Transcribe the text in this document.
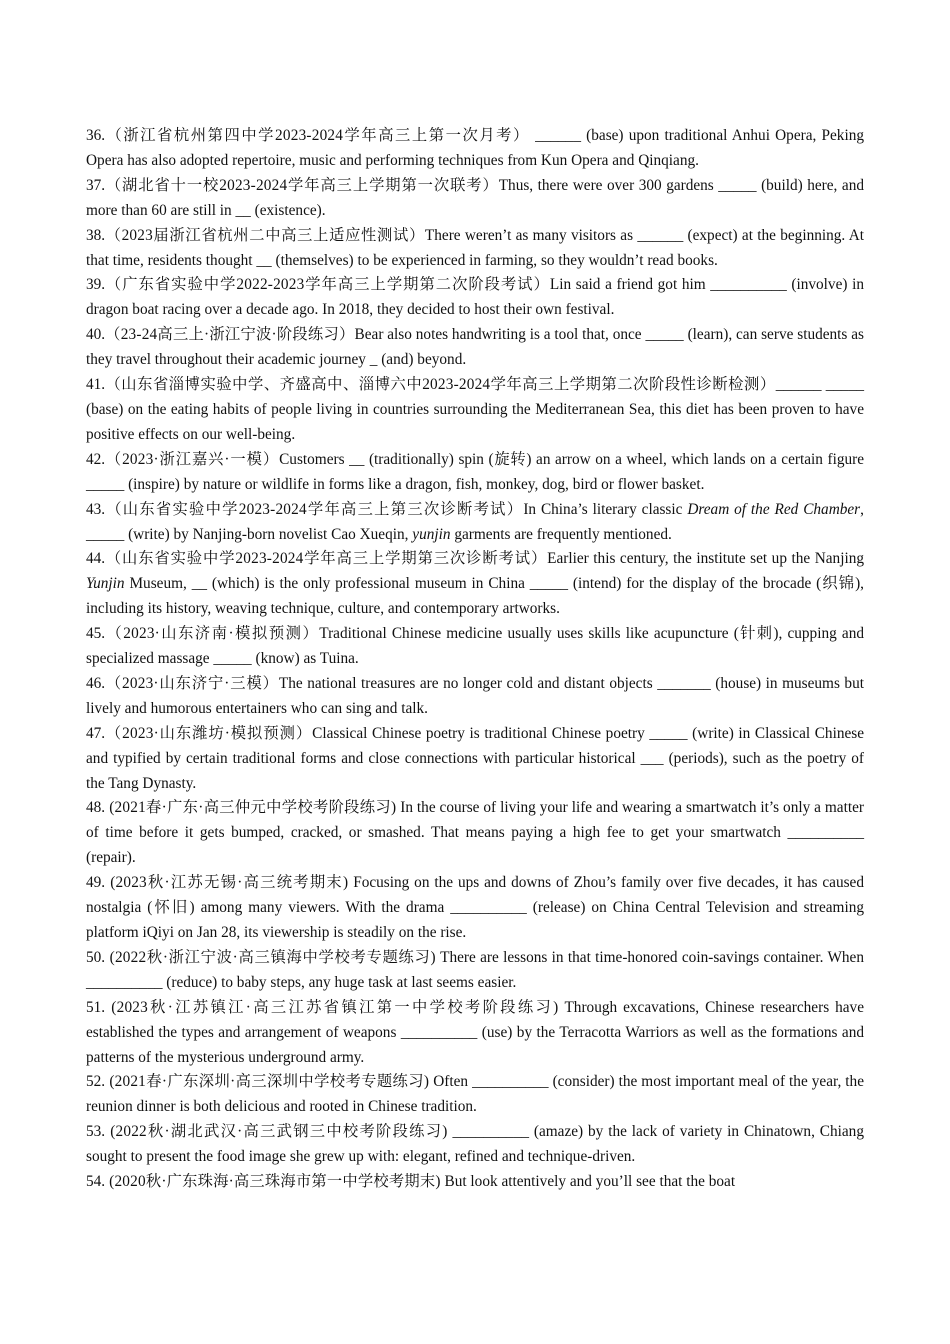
36.（浙江省杭州第四中学2023-2024学年高三上第一次月考） ______ (base) upon traditional Anhui Opera, Peking Opera has also adopted repertoire, music and performing techniques from Kun Opera and Qinqiang.

37.（湖北省十一校2023-2024学年高三上学期第一次联考）Thus, there were over 300 gardens _____ (build) here, and more than 60 are still in __ (existence).

38.（2023届浙江省杭州二中高三上适应性测试）There weren’t as many visitors as ______ (expect) at the beginning. At that time, residents thought __ (themselves) to be experienced in farming, so they wouldn’t read books.

39.（广东省实验中学2022-2023学年高三上学期第二次阶段考试）Lin said a friend got him __________ (involve) in dragon boat racing over a decade ago. In 2018, they decided to host their own festival.

40.（23-24高三上·浙江宁波·阶段练习）Bear also notes handwriting is a tool that, once _____ (learn), can serve students as they travel throughout their academic journey _ (and) beyond.

41.（山东省淄博实验中学、齐盛高中、淄博六中2023-2024学年高三上学期第二次阶段性诊断检测）______ _____ (base) on the eating habits of people living in countries surrounding the Mediterranean Sea, this diet has been proven to have positive effects on our well-being.

42.（2023·浙江嘉兴·一模）Customers __ (traditionally) spin (旋转) an arrow on a wheel, which lands on a certain figure _____ (inspire) by nature or wildlife in forms like a dragon, fish, monkey, dog, bird or flower basket.

43.（山东省实验中学2023-2024学年高三上第三次诊断考试）In China’s literary classic Dream of the Red Chamber, _____ (write) by Nanjing-born novelist Cao Xueqin, yunjin garments are frequently mentioned.

44.（山东省实验中学2023-2024学年高三上学期第三次诊断考试）Earlier this century, the institute set up the Nanjing Yunjin Museum, __ (which) is the only professional museum in China _____ (intend) for the display of the brocade (织锦), including its history, weaving technique, culture, and contemporary artworks.

45.（2023·山东济南·模拟预测）Traditional Chinese medicine usually uses skills like acupuncture (针刺), cupping and specialized massage _____ (know) as Tuina.

46.（2023·山东济宁·三模）The national treasures are no longer cold and distant objects _______ (house) in museums but lively and humorous entertainers who can sing and talk.

47.（2023·山东潍坊·模拟预测）Classical Chinese poetry is traditional Chinese poetry _____ (write) in Classical Chinese and typified by certain traditional forms and close connections with particular historical ___ (periods), such as the poetry of the Tang Dynasty.

48. (2021春·广东·高三仲元中学校考阶段练习) In the course of living your life and wearing a smartwatch it’s only a matter of time before it gets bumped, cracked, or smashed. That means paying a high fee to get your smartwatch __________ (repair).

49. (2023秋·江苏无锡·高三统考期末) Focusing on the ups and downs of Zhou’s family over five decades, it has caused nostalgia (怀旧) among many viewers. With the drama __________ (release) on China Central Television and streaming platform iQiyi on Jan 28, its viewership is steadily on the rise.

50. (2022秋·浙江宁波·高三镇海中学校考专题练习) There are lessons in that time-honored coin-savings container. When __________ (reduce) to baby steps, any huge task at last seems easier.

51. (2023秋·江苏镇江·高三江苏省镇江第一中学校考阶段练习) Through excavations, Chinese researchers have established the types and arrangement of weapons __________ (use) by the Terracotta Warriors as well as the formations and patterns of the mysterious underground army.

52. (2021春·广东深圳·高三深圳中学校考专题练习) Often __________ (consider) the most important meal of the year, the reunion dinner is both delicious and rooted in Chinese tradition.

53. (2022秋·湖北武汉·高三武钢三中校考阶段练习) __________ (amaze) by the lack of variety in Chinatown, Chiang sought to present the food image she grew up with: elegant, refined and technique-driven.

54. (2020秋·广东珠海·高三珠海市第一中学校考期末) But look attentively and you’ll see that the boat
